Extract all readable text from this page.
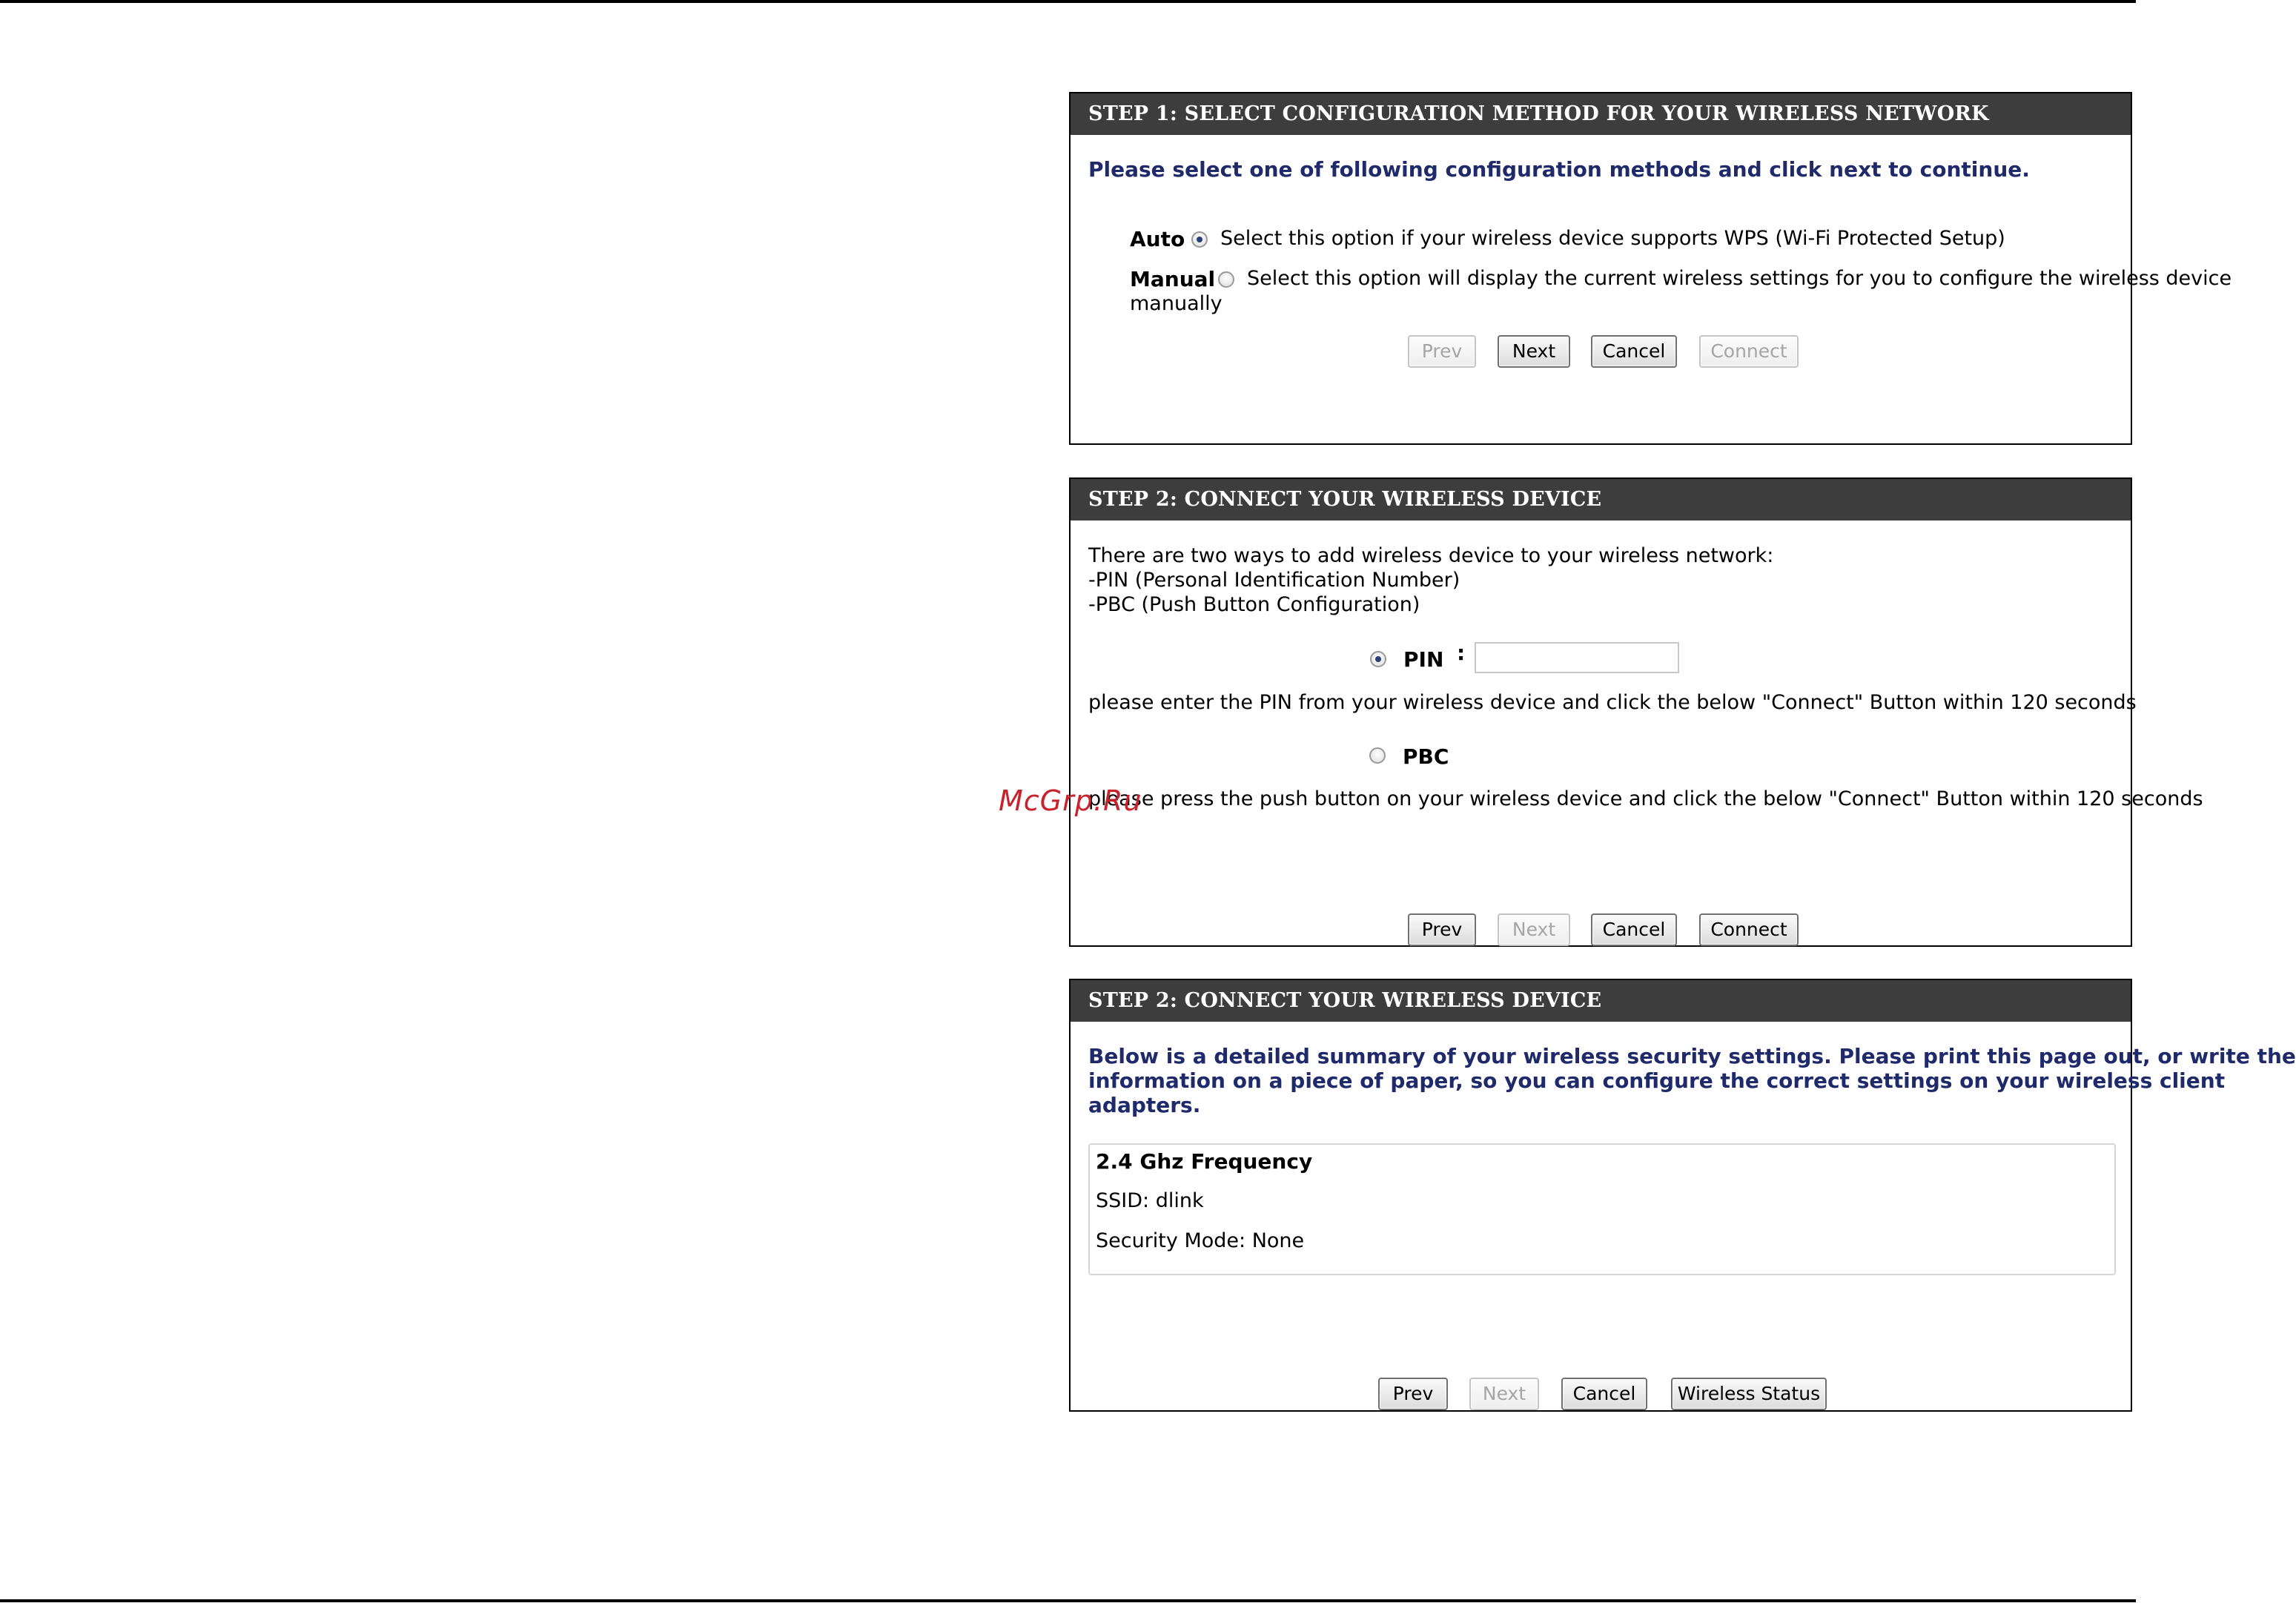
STEP 1: SELECT CONFIGURATION METHOD FOR YOUR WIRELESS NETWORK
Please select one of following configuration methods and click next to continue.
Auto Select this option if your wireless device supports WPS (Wi-Fi Protected Setup)
Manual Select this option will display the current wireless settings for you to configure the wireless device
manually
Prev	Next	Cancel	Connect
STEP 2: CONNECT YOUR WIRELESS DEVICE
There are two ways to add wireless device to your wireless network:
-PIN (Personal Identification Number)
-PBC (Push Button Configuration)
PIN :
please enter the PIN from your wireless device and click the below "Connect" Button within 120 seconds
PBC
please press the push button on your wireless device and click the below "Connect" Button within 120 seconds
Prev	Next	Cancel	Connect
STEP 2: CONNECT YOUR WIRELESS DEVICE
Below is a detailed summary of your wireless security settings. Please print this page out, or write the
information on a piece of paper, so you can configure the correct settings on your wireless client
adapters.
2.4 Ghz Frequency
SSID: dlink
Security Mode: None
Prev	Next	Cancel	Wireless Status
McGrp.Ru
